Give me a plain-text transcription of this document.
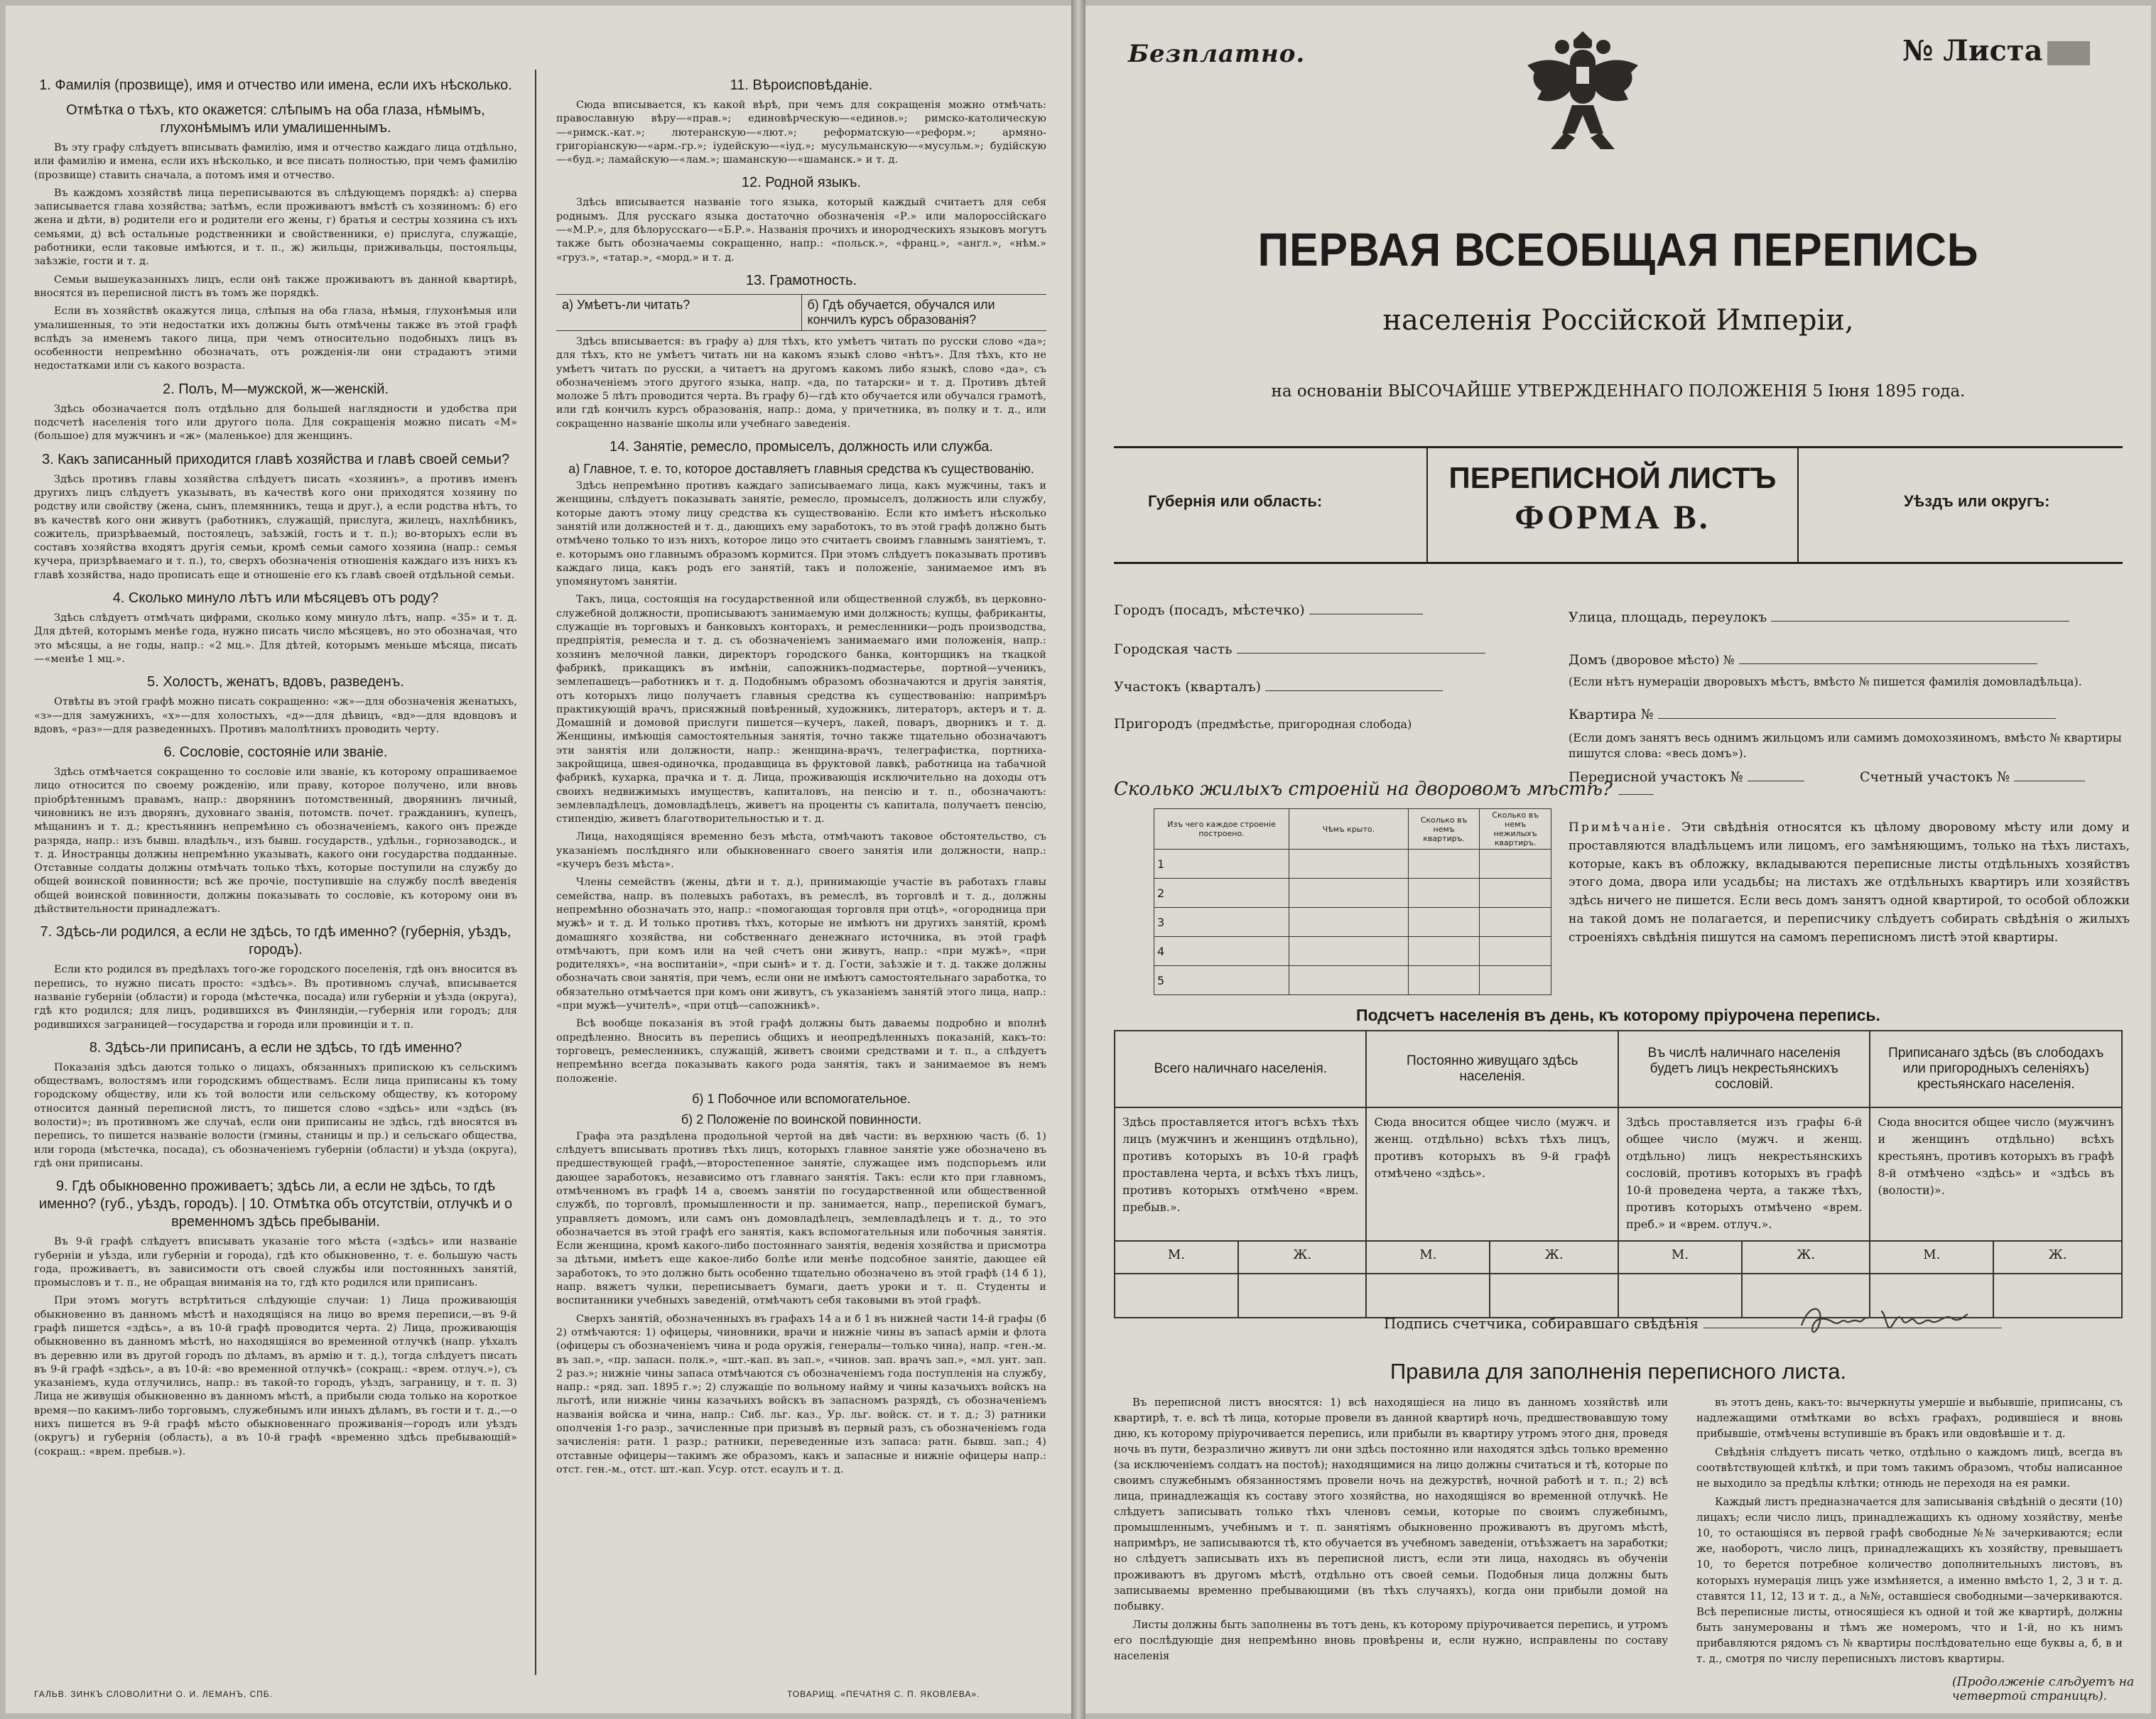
1. Фамилія (прозвище), имя и отчество или имена, если ихъ нѣсколько.
Отмѣтка о тѣхъ, кто окажется: слѣпымъ на оба глаза, нѣмымъ, глухонѣмымъ или умалишеннымъ.

Въ эту графу слѣдуетъ вписывать фамилію, имя и отчество каждаго лица отдѣльно, или фамилію и имена, если ихъ нѣсколько, и все писать полностью, при чемъ фамилію (прозвище) ставить сначала, а потомъ имя и отчество.

Въ каждомъ хозяйствѣ лица переписываются въ слѣдующемъ порядкѣ: а) сперва записывается глава хозяйства; затѣмъ, если проживаютъ вмѣстѣ съ хозяиномъ: б) его жена и дѣти, в) родители его и родители его жены, г) братья и сестры хозяина съ ихъ семьями, д) всѣ остальные родственники и свойственники, е) прислуга, служащіе, работники, если таковые имѣются, и т. п., ж) жильцы, приживальцы, постояльцы, заѣзжіе, гости и т. д.

Семьи вышеуказанныхъ лицъ, если онѣ также проживаютъ въ данной квартирѣ, вносятся въ переписной листъ въ томъ же порядкѣ.

Если въ хозяйствѣ окажутся лица, слѣпыя на оба глаза, нѣмыя, глухонѣмыя или умалишенныя, то эти недостатки ихъ должны быть отмѣчены также въ этой графѣ вслѣдъ за именемъ такого лица, при чемъ относительно подобныхъ лицъ въ особенности непремѣнно обозначать, отъ рожденія-ли они страдаютъ этими недостатками или съ какого возраста.

2. Полъ, М—мужской, ж—женскій.

Здѣсь обозначается полъ отдѣльно для большей наглядности и удобства при подсчетѣ населенія того или другого пола. Для сокращенія можно писать «М» (большое) для мужчинъ и «ж» (маленькое) для женщинъ.

3. Какъ записанный приходится главѣ хозяйства и главѣ своей семьи?

Здѣсь противъ главы хозяйства слѣдуетъ писать «хозяинъ», а противъ именъ другихъ лицъ слѣдуетъ указывать, въ качествѣ кого они приходятся хозяину по родству или свойству (жена, сынъ, племянникъ, теща и друг.), а если родства нѣтъ, то въ качествѣ кого они живутъ (работникъ, служащій, прислуга, жилецъ, нахлѣбникъ, сожитель, призрѣваемый, постоялецъ, заѣзжій, гость и т. п.); во-вторыхъ если въ составъ хозяйства входятъ другія семьи, кромѣ семьи самого хозяина (напр.: семья кучера, призрѣваемаго и т. п.), то, сверхъ обозначенія отношенія каждаго изъ нихъ къ главѣ хозяйства, надо прописать еще и отношеніе его къ главѣ своей отдѣльной семьи.

4. Сколько минуло лѣтъ или мѣсяцевъ отъ роду?

Здѣсь слѣдуетъ отмѣчать цифрами, сколько кому минуло лѣтъ, напр. «35» и т. д. Для дѣтей, которымъ менѣе года, нужно писать число мѣсяцевъ, но это обозначая, что это мѣсяцы, а не годы, напр.: «2 мц.». Для дѣтей, которымъ меньше мѣсяца, писать—«менѣе 1 мц.».

5. Холостъ, женатъ, вдовъ, разведенъ.

Отвѣты въ этой графѣ можно писать сокращенно: «ж»—для обозначенія женатыхъ, «з»—для замужнихъ, «х»—для холостыхъ, «д»—для дѣвицъ, «вд»—для вдовцовъ и вдовъ, «раз»—для разведенныхъ. Противъ малолѣтнихъ проводить черту.

6. Сословіе, состояніе или званіе.

Здѣсь отмѣчается сокращенно то сословіе или званіе, къ которому опрашиваемое лицо относится по своему рожденію, или праву, которое получено, или вновь пріобрѣтеннымъ правамъ, напр.: дворянинъ потомственный, дворянинъ личный, чиновникъ не изъ дворянъ, духовнаго званія, потомств. почет. гражданинъ, купецъ, мѣщанинъ и т. д.; крестьянинъ непремѣнно съ обозначеніемъ, какого онъ прежде разряда, напр.: изъ бывш. владѣльч., изъ бывш. государств., удѣльн., горнозаводск., и т. д. Иностранцы должны непремѣнно указывать, какого они государства подданные. Отставные солдаты должны отмѣчать только тѣхъ, которые поступили на службу до общей воинской повинности; всѣ же прочіе, поступившіе на службу послѣ введенія общей воинской повинности, должны показывать то сословіе, къ которому они въ дѣйствительности принадлежатъ.

7. Здѣсь-ли родился, а если не здѣсь, то гдѣ именно? (губернія, уѣздъ, городъ).

Если кто родился въ предѣлахъ того-же городского поселенія, гдѣ онъ вносится въ перепись, то нужно писать просто: «здѣсь». Въ противномъ случаѣ, вписывается названіе губерніи (области) и города (мѣстечка, посада) или губерніи и уѣзда (округа), гдѣ кто родился; для лицъ, родившихся въ Финляндіи,—губернія или городъ; для родившихся заграницей—государства и города или провинціи и т. п.

8. Здѣсь-ли приписанъ, а если не здѣсь, то гдѣ именно?

Показанія здѣсь даются только о лицахъ, обязанныхъ припискою къ сельскимъ обществамъ, волостямъ или городскимъ обществамъ. Если лица приписаны къ тому городскому обществу, или къ той волости или сельскому обществу, къ которому относится данный переписной листъ, то пишется слово «здѣсь» или «здѣсь (въ волости)»; въ противномъ же случаѣ, если они приписаны не здѣсь, гдѣ вносятся въ перепись, то пишется названіе волости (гмины, станицы и пр.) и сельскаго общества, или города (мѣстечка, посада), съ обозначеніемъ губерніи (области) и уѣзда (округа), гдѣ они приписаны.

9. Гдѣ обыкновенно проживаетъ; здѣсь ли, а если не здѣсь, то гдѣ именно? (губ., уѣздъ, городъ). | 10. Отмѣтка объ отсутствіи, отлучкѣ и о временномъ здѣсь пребываніи.

Въ 9-й графѣ слѣдуетъ вписывать указаніе того мѣста («здѣсь» или названіе губерніи и уѣзда, или губерніи и города), гдѣ кто обыкновенно, т. е. большую часть года, проживаетъ, въ зависимости отъ своей службы или постоянныхъ занятій, промысловъ и т. п., не обращая вниманія на то, гдѣ кто родился или приписанъ.

При этомъ могутъ встрѣтиться слѣдующіе случаи: 1) Лица проживающія обыкновенно въ данномъ мѣстѣ и находящіяся на лицо во время переписи,—въ 9-й графѣ пишется «здѣсь», а въ 10-й графѣ проводится черта. 2) Лица, проживающія обыкновенно въ данномъ мѣстѣ, но находящіяся во временной отлучкѣ (напр. уѣхалъ въ деревню или въ другой городъ по дѣламъ, въ армію и т. д.), тогда слѣдуетъ писать въ 9-й графѣ «здѣсь», а въ 10-й: «во временной отлучкѣ» (сокращ.: «врем. отлуч.»), съ указаніемъ, куда отлучились, напр.: въ такой-то городъ, уѣздъ, заграницу, и т. п. 3) Лица не живущія обыкновенно въ данномъ мѣстѣ, а прибыли сюда только на короткое время—по какимъ-либо торговымъ, служебнымъ или иныхъ дѣламъ, въ гости и т. д.,—о нихъ пишется въ 9-й графѣ мѣсто обыкновеннаго проживанія—городъ или уѣздъ (округъ) и губернія (область), а въ 10-й графѣ «временно здѣсь пребывающій» (сокращ.: «врем. пребыв.»).

11. Вѣроисповѣданіе.

Сюда вписывается, къ какой вѣрѣ, при чемъ для сокращенія можно отмѣчать: православную вѣру—«прав.»; единовѣрческую—«единов.»; римско-католическую—«римск.-кат.»; лютеранскую—«лют.»; реформатскую—«реформ.»; армяно-григоріанскую—«арм.-гр.»; іудейскую—«іуд.»; мусульманскую—«мусульм.»; будійскую—«буд.»; ламайскую—«лам.»; шаманскую—«шаманск.» и т. д.

12. Родной языкъ.

Здѣсь вписывается названіе того языка, который каждый считаетъ для себя роднымъ. Для русскаго языка достаточно обозначенія «Р.» или малороссійскаго—«М.Р.», для бѣлорусскаго—«Б.Р.». Названія прочихъ и инородческихъ языковъ могутъ также быть обозначаемы сокращенно, напр.: «польск.», «франц.», «англ.», «нѣм.» «груз.», «татар.», «морд.» и т. д.

13. Грамотность.
а) Умѣетъ-ли читать?	б) Гдѣ обучается, обучался или кончилъ курсъ образованія?

Здѣсь вписывается: въ графу а) для тѣхъ, кто умѣетъ читать по русски слово «да»; для тѣхъ, кто не умѣетъ читать ни на какомъ языкѣ слово «нѣтъ». Для тѣхъ, кто не умѣетъ читать по русски, а читаетъ на другомъ какомъ либо языкѣ, слово «да», съ обозначеніемъ этого другого языка, напр. «да, по татарски» и т. д. Противъ дѣтей моложе 5 лѣтъ проводится черта. Въ графу б)—гдѣ кто обучается или обучался грамотѣ, или гдѣ кончилъ курсъ образованія, напр.: дома, у причетника, въ полку и т. д., или сокращенно названіе школы или учебнаго заведенія.

14. Занятіе, ремесло, промыселъ, должность или служба.
а) Главное, т. е. то, которое доставляетъ главныя средства къ существованію.

Здѣсь непремѣнно противъ каждаго записываемаго лица, какъ мужчины, такъ и женщины, слѣдуетъ показывать занятіе, ремесло, промыселъ, должность или службу, которые даютъ этому лицу средства къ существованію. Если кто имѣетъ нѣсколько занятій или должностей и т. д., дающихъ ему заработокъ, то въ этой графѣ должно быть отмѣчено только то изъ нихъ, которое лицо это считаетъ своимъ главнымъ занятіемъ, т. е. которымъ оно главнымъ образомъ кормится. При этомъ слѣдуетъ показывать противъ каждаго лица, какъ родъ его занятій, такъ и положеніе, занимаемое имъ въ упомянутомъ занятіи.

Такъ, лица, состоящія на государственной или общественной службѣ, въ церковно-служебной должности, прописываютъ занимаемую ими должность; купцы, фабриканты, служащіе въ торговыхъ и банковыхъ конторахъ, и ремесленники—родъ производства, предпріятія, ремесла и т. д. съ обозначеніемъ занимаемаго ими положенія, напр.: хозяинъ мелочной лавки, директоръ городского банка, конторщикъ на ткацкой фабрикѣ, прикащикъ въ имѣніи, сапожникъ-подмастерье, портной—ученикъ, землепашецъ—работникъ и т. д. Подобнымъ образомъ обозначаются и другія занятія, отъ которыхъ лицо получаетъ главныя средства къ существованію: напримѣръ практикующій врачъ, присяжный повѣренный, художникъ, литераторъ, актеръ и т. д. Домашній и домовой прислуги пишется—кучеръ, лакей, поваръ, дворникъ и т. д. Женщины, имѣющія самостоятельныя занятія, точно также тщательно обозначаютъ эти занятія или должности, напр.: женщина-врачъ, телеграфистка, портниха-закройщица, швея-одиночка, продавщица въ фруктовой лавкѣ, работница на табачной фабрикѣ, кухарка, прачка и т. д. Лица, проживающія исключительно на доходы отъ своихъ недвижимыхъ имуществъ, капиталовъ, на пенсію и т. п., обозначаютъ: землевладѣлецъ, домовладѣлецъ, живетъ на проценты съ капитала, получаетъ пенсію, стипендію, живетъ благотворительностью и т. д.

Лица, находящіяся временно безъ мѣста, отмѣчаютъ таковое обстоятельство, съ указаніемъ послѣдняго или обыкновеннаго своего занятія или должности, напр.: «кучеръ безъ мѣста».

Члены семействъ (жены, дѣти и т. д.), принимающіе участіе въ работахъ главы семейства, напр. въ полевыхъ работахъ, въ ремеслѣ, въ торговлѣ и т. д., должны непремѣнно обозначать это, напр.: «помогающая торговля при отцѣ», «огородница при мужѣ» и т. д. И только противъ тѣхъ, которые не имѣютъ ни другихъ занятій, кромѣ домашняго хозяйства, ни собственнаго денежнаго источника, въ этой графѣ отмѣчаютъ, при комъ или на чей счетъ они живутъ, напр.: «при мужѣ», «при родителяхъ», «на воспитаніи», «при сынѣ» и т. д. Гости, заѣзжіе и т. д. также должны обозначать свои занятія, при чемъ, если они не имѣютъ самостоятельнаго заработка, то обязательно отмѣчается при комъ они живутъ, съ указаніемъ занятій этого лица, напр.: «при мужѣ—учителѣ», «при отцѣ—сапожникѣ».

Всѣ вообще показанія въ этой графѣ должны быть даваемы подробно и вполнѣ опредѣленно. Вносить въ перепись общихъ и неопредѣленныхъ показаній, какъ-то: торговецъ, ремесленникъ, служащій, живетъ своими средствами и т. п., а слѣдуетъ непремѣнно всегда показывать какого рода занятія, такъ и занимаемое въ немъ положеніе.

б) 1 Побочное или вспомогательное.
б) 2 Положеніе по воинской повинности.

Графа эта раздѣлена продольной чертой на двѣ части: въ верхнюю часть (б. 1) слѣдуетъ вписывать противъ тѣхъ лицъ, которыхъ главное занятіе уже обозначено въ предшествующей графѣ,—второстепенное занятіе, служащее имъ подспорьемъ или дающее заработокъ, независимо отъ главнаго занятія. Такъ: если кто при главномъ, отмѣченномъ въ графѣ 14 а, своемъ занятіи по государственной или общественной службѣ, по торговлѣ, промышленности и пр. занимается, напр., перепиской бумагъ, управляетъ домомъ, или самъ онъ домовладѣлецъ, землевладѣлецъ и т. д., то это обозначается въ этой графѣ его занятія, какъ вспомогательныя или побочныя занятія. Если женщина, кромѣ какого-либо постояннаго занятія, веденія хозяйства и присмотра за дѣтьми, имѣетъ еще какое-либо болѣе или менѣе подсобное занятіе, дающее ей заработокъ, то это должно быть особенно тщательно обозначено въ этой графѣ (14 б 1), напр. вяжетъ чулки, переписываетъ бумаги, даетъ уроки и т. п. Студенты и воспитанники учебныхъ заведеній, отмѣчаютъ себя таковыми въ этой графѣ.

Сверхъ занятій, обозначенныхъ въ графахъ 14 а и б 1 въ нижней части 14-й графы (б 2) отмѣчаются: 1) офицеры, чиновники, врачи и нижніе чины въ запасѣ арміи и флота (офицеры съ обозначеніемъ чина и рода оружія, генералы—только чина), напр. «ген.-м. въ зап.», «пр. запасн. полк.», «шт.-кап. въ зап.», «чинов. зап. врачъ зап.», «мл. унт. зап. 2 раз.»; нижніе чины запаса отмѣчаются съ обозначеніемъ года поступленія на службу, напр.: «ряд. зап. 1895 г.»; 2) служащіе по вольному найму и чины казачьихъ войскъ на льготѣ, или нижніе чины казачьихъ войскъ въ запасномъ разрядѣ, съ обозначеніемъ названія войска и чина, напр.: Сиб. льг. каз., Ур. льг. войск. ст. и т. д.; 3) ратники ополченія 1-го разр., зачисленные при призывѣ въ первый разъ, съ обозначеніемъ года зачисленія: ратн. 1 разр.; ратники, переведенные изъ запаса: ратн. бывш. зап.; 4) отставные офицеры—такимъ же образомъ, какъ и запасные и нижніе офицеры напр.: отст. ген.-м., отст. шт.-кап. Усур. отст. есаулъ и т. д.

ГАЛЬВ. ЗИНКЪ СЛОВОЛИТНИ О. И. ЛЕМАНЪ, СПБ.	ТОВАРИЩ. «ПЕЧАТНЯ С. П. ЯКОВЛЕВА».
Безплатно.	№ Листа
ПЕРВАЯ ВСЕОБЩАЯ ПЕРЕПИСЬ
населенія Россійской Имперіи,
на основаніи ВЫСОЧАЙШЕ УТВЕРЖДЕННАГО ПОЛОЖЕНІЯ 5 Іюня 1895 года.
Губернія или область:
ПЕРЕПИСНОЙ ЛИСТЪ
ФОРМА В.	Уѣздъ или округъ:
Городъ (посадъ, мѣстечко)
Городская часть
Участокъ (кварталъ)
Пригородъ (предмѣстье, пригородная слобода)
Улица, площадь, переулокъ
Домъ (дворовое мѣсто) №
(Если нѣтъ нумераціи дворовыхъ мѣстъ, вмѣсто № пишется фамилія домовладѣльца).
Квартира №
(Если домъ занятъ весь однимъ жильцомъ или самимъ домохозяиномъ, вмѣсто № квартиры пишутся слова: «весь домъ»).
Переписной участокъ №	Счетный участокъ №
Сколько жилыхъ строеній на дворовомъ мѣстѣ?
Изъ чего каждое строеніе построено.	Чѣмъ крыто.	Сколько въ немъ квартиръ.	Сколько въ немъ нежилыхъ квартиръ.
1			
2			
3			
4			
5			
Примѣчаніе. Эти свѣдѣнія относятся къ цѣлому дворовому мѣсту или дому и проставляются владѣльцемъ или лицомъ, его замѣняющимъ, только на тѣхъ листахъ, которые, какъ въ обложку, вкладываются переписные листы отдѣльныхъ хозяйствъ этого дома, двора или усадьбы; на листахъ же отдѣльныхъ квартиръ или хозяйствъ здѣсь ничего не пишется. Если весь домъ занятъ одной квартирой, то особой обложки на такой домъ не полагается, и переписчику слѣдуетъ собирать свѣдѣнія о жилыхъ строеніяхъ свѣдѣнія пишутся на самомъ переписномъ листѣ этой квартиры.
Подсчетъ населенія въ день, къ которому пріурочена перепись.
Всего наличнаго населенія.		Постоянно живущаго здѣсь населенія.		Въ числѣ наличнаго населенія будетъ лицъ некрестьянскихъ сословій.		Приписанаго здѣсь (въ слободахъ или пригородныхъ селеніяхъ) крестьянскаго населенія.	
Здѣсь проставляется итогъ всѣхъ тѣхъ лицъ (мужчинъ и женщинъ отдѣльно), противъ которыхъ въ 10-й графѣ проставлена черта, и всѣхъ тѣхъ лицъ, противъ которыхъ отмѣчено «врем. пребыв.».		Сюда вносится общее число (мужч. и женщ. отдѣльно) всѣхъ тѣхъ лицъ, противъ которыхъ въ 9-й графѣ отмѣчено «здѣсь».		Здѣсь проставляется изъ графы 6-й общее число (мужч. и женщ. отдѣльно) лицъ некрестьянскихъ сословій, противъ которыхъ въ графѣ 10-й проведена черта, а также тѣхъ, противъ которыхъ отмѣчено «врем. преб.» и «врем. отлуч.».		Сюда вносится общее число (мужчинъ и женщинъ отдѣльно) всѣхъ крестьянъ, противъ которыхъ въ графѣ 8-й отмѣчено «здѣсь» и «здѣсь въ (волости)».	
М.	Ж.	М.	Ж.	М.	Ж.	М.	Ж.

Подпись счетчика, собиравшаго свѣдѣнія
Правила для заполненія переписного листа.

Въ переписной листъ вносятся: 1) всѣ находящіеся на лицо въ данномъ хозяйствѣ или квартирѣ, т. е. всѣ тѣ лица, которые провели въ данной квартирѣ ночь, предшествовавшую тому дню, къ которому пріурочивается перепись, или прибыли въ квартиру утромъ этого дня, проведя ночь въ пути, безразлично живутъ ли они здѣсь постоянно или находятся здѣсь только временно (за исключеніемъ солдатъ на постоѣ); находящимися на лицо должны считаться и тѣ, которые по своимъ служебнымъ обязанностямъ провели ночь на дежурствѣ, ночной работѣ и т. п.; 2) всѣ лица, принадлежащія къ составу этого хозяйства, но находящіяся во временной отлучкѣ. Не слѣдуетъ записывать только тѣхъ членовъ семьи, которые по своимъ служебнымъ, промышленнымъ, учебнымъ и т. п. занятіямъ обыкновенно проживаютъ въ другомъ мѣстѣ, напримѣръ, не записываются тѣ, кто обучается въ учебномъ заведеніи, отъѣзжаетъ на заработки; но слѣдуетъ записывать ихъ въ переписной листъ, если эти лица, находясь въ обученіи проживаютъ въ другомъ мѣстѣ, отдѣльно отъ своей семьи. Подобныя лица должны быть записываемы временно пребывающими (въ тѣхъ случаяхъ), когда они прибыли домой на побывку.

Листы должны быть заполнены въ тотъ день, къ которому пріурочивается перепись, и утромъ его послѣдующіе дня непремѣнно вновь провѣрены и, если нужно, исправлены по составу населенія

въ этотъ день, какъ-то: вычеркнуты умершіе и выбывшіе, приписаны, съ надлежащими отмѣтками во всѣхъ графахъ, родившіеся и вновь прибывшіе, отмѣчены вступившіе въ бракъ или овдовѣвшіе и т. д.

Свѣдѣнія слѣдуетъ писать четко, отдѣльно о каждомъ лицѣ, всегда въ соотвѣтствующей клѣткѣ, и при томъ такимъ образомъ, чтобы написанное не выходило за предѣлы клѣтки; отнюдь не переходя на ея рамки.

Каждый листъ предназначается для записыванія свѣдѣній о десяти (10) лицахъ; если число лицъ, принадлежащихъ къ одному хозяйству, менѣе 10, то остающіяся въ первой графѣ свободные №№ зачеркиваются; если же, наоборотъ, число лицъ, принадлежащихъ къ хозяйству, превышаетъ 10, то берется потребное количество дополнительныхъ листовъ, въ которыхъ нумерація лицъ уже измѣняется, а именно вмѣсто 1, 2, 3 и т. д. ставятся 11, 12, 13 и т. д., а №№, оставшіеся свободными—зачеркиваются. Всѣ переписные листы, относящіеся къ одной и той же квартирѣ, должны быть занумерованы и тѣмъ же номеромъ, что и 1-й, но къ нимъ прибавляются рядомъ съ № квартиры послѣдовательно еще буквы а, б, в и т. д., смотря по числу переписныхъ листовъ квартиры.

(Продолженіе слѣдуетъ на четвертой страницѣ).
